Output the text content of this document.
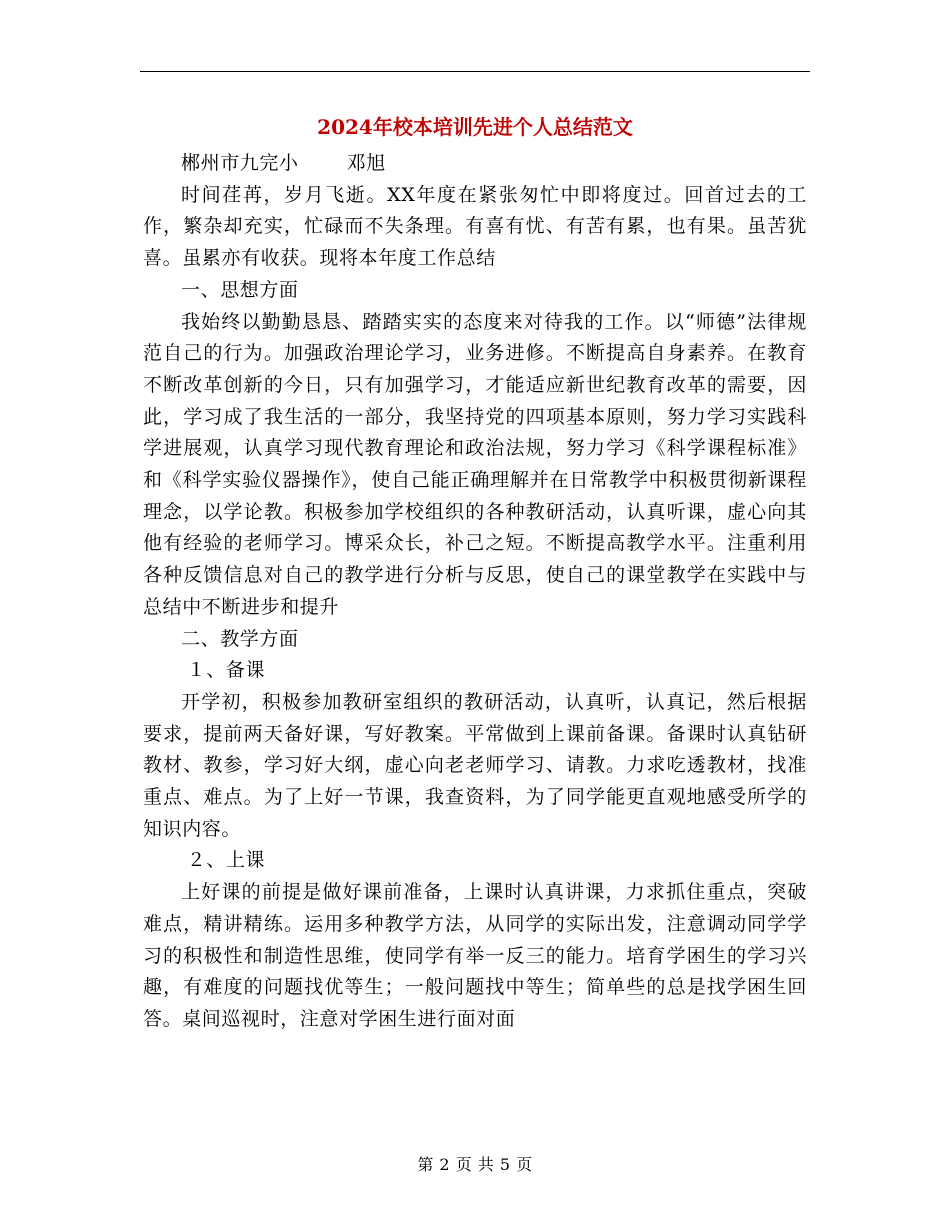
2024年校本培训先进个人总结范文

郴州市九完小	邓旭

时间荏苒，岁月飞逝。XX年度在紧张匆忙中即将度过。回首过去的工作，繁杂却充实，忙碌而不失条理。有喜有忧、有苦有累，也有果。虽苦犹喜。虽累亦有收获。现将本年度工作总结

一、思想方面

我始终以勤勤恳恳、踏踏实实的态度来对待我的工作。以“师德”法律规范自己的行为。加强政治理论学习，业务进修。不断提高自身素养。在教育不断改革创新的今日，只有加强学习，才能适应新世纪教育改革的需要，因此，学习成了我生活的一部分，我坚持党的四项基本原则，努力学习实践科学进展观，认真学习现代教育理论和政治法规，努力学习《科学课程标准》和《科学实验仪器操作》，使自己能正确理解并在日常教学中积极贯彻新课程理念，以学论教。积极参加学校组织的各种教研活动，认真听课，虚心向其他有经验的老师学习。博采众长，补己之短。不断提高教学水平。注重利用各种反馈信息对自己的教学进行分析与反思，使自己的课堂教学在实践中与总结中不断进步和提升

二、教学方面

１、备课

开学初，积极参加教研室组织的教研活动，认真听，认真记，然后根据要求，提前两天备好课，写好教案。平常做到上课前备课。备课时认真钻研教材、教参，学习好大纲，虚心向老老师学习、请教。力求吃透教材，找准重点、难点。为了上好一节课，我查资料，为了同学能更直观地感受所学的知识内容。

２、上课

上好课的前提是做好课前准备，上课时认真讲课，力求抓住重点，突破难点，精讲精练。运用多种教学方法，从同学的实际出发，注意调动同学学习的积极性和制造性思维，使同学有举一反三的能力。培育学困生的学习兴趣，有难度的问题找优等生；一般问题找中等生；简单些的总是找学困生回答。桌间巡视时，注意对学困生进行面对面

第 2 页 共 5 页
